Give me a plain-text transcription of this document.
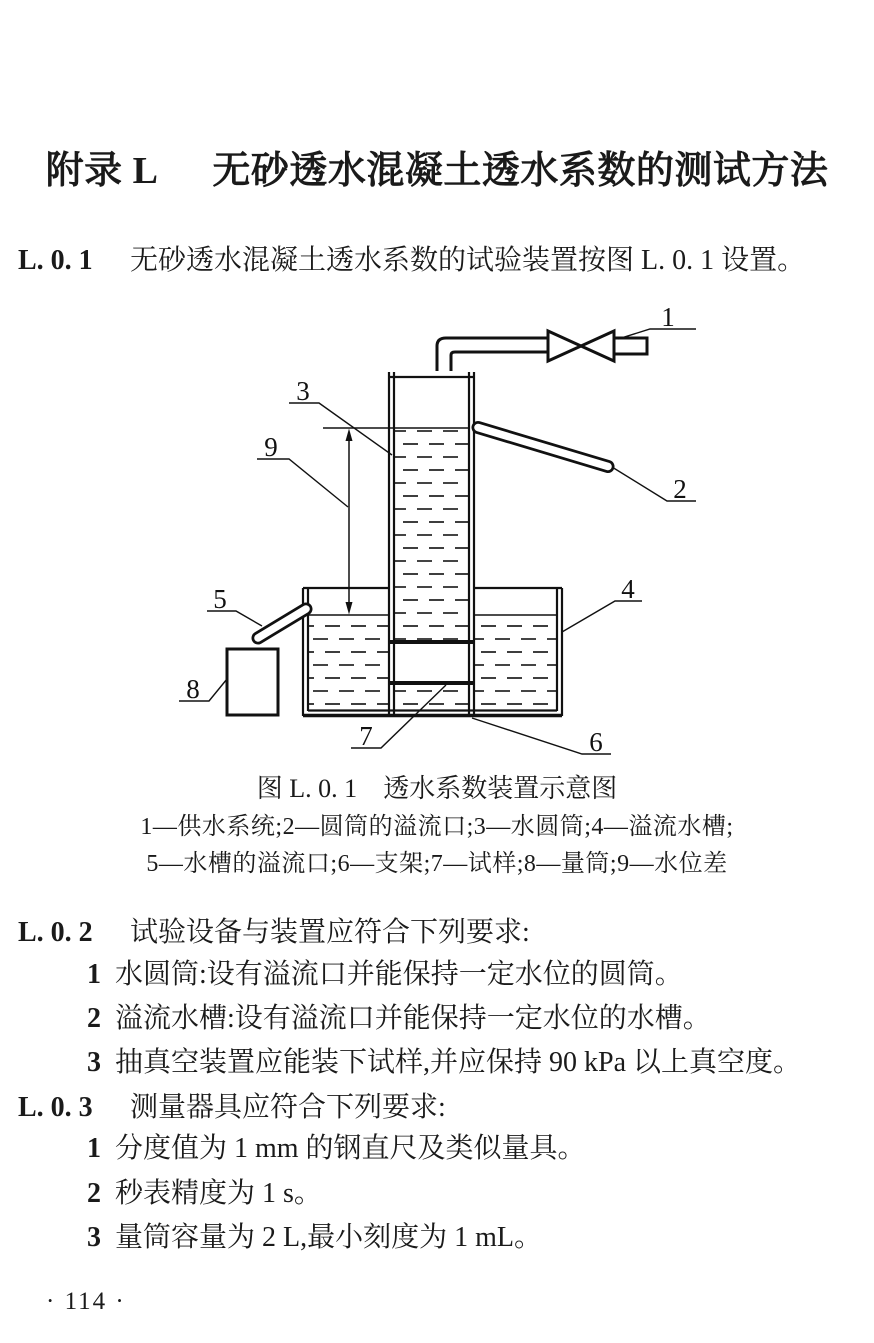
附录 L 无砂透水混凝土透水系数的测试方法
L. 0. 1 无砂透水混凝土透水系数的试验装置按图 L. 0. 1 设置。
1
2
3
4
5
6
7
8
9
图 L. 0. 1 透水系数装置示意图
1—供水系统;2—圆筒的溢流口;3—水圆筒;4—溢流水槽;
5—水槽的溢流口;6—支架;7—试样;8—量筒;9—水位差
L. 0. 2 试验设备与装置应符合下列要求:
1 水圆筒:设有溢流口并能保持一定水位的圆筒。
2 溢流水槽:设有溢流口并能保持一定水位的水槽。
3 抽真空装置应能装下试样,并应保持 90 kPa 以上真空度。
L. 0. 3 测量器具应符合下列要求:
1 分度值为 1 mm 的钢直尺及类似量具。
2 秒表精度为 1 s。
3 量筒容量为 2 L,最小刻度为 1 mL。
· 114 ·
